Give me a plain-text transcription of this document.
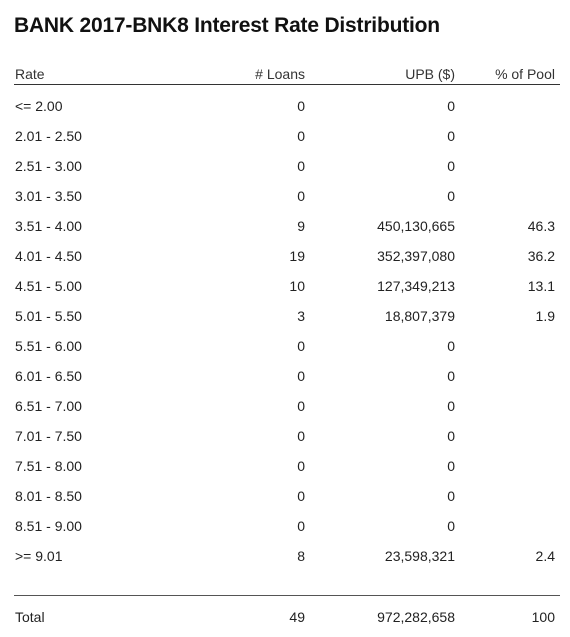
BANK 2017-BNK8 Interest Rate Distribution
Rate	# Loans	UPB ($)	% of Pool
<= 2.00	0	0
2.01 - 2.50	0	0
2.51 - 3.00	0	0
3.01 - 3.50	0	0
3.51 - 4.00	9	450,130,665	46.3
4.01 - 4.50	19	352,397,080	36.2
4.51 - 5.00	10	127,349,213	13.1
5.01 - 5.50	3	18,807,379	1.9
5.51 - 6.00	0	0
6.01 - 6.50	0	0
6.51 - 7.00	0	0
7.01 - 7.50	0	0
7.51 - 8.00	0	0
8.01 - 8.50	0	0
8.51 - 9.00	0	0
>= 9.01	8	23,598,321	2.4
Total	49	972,282,658	100
